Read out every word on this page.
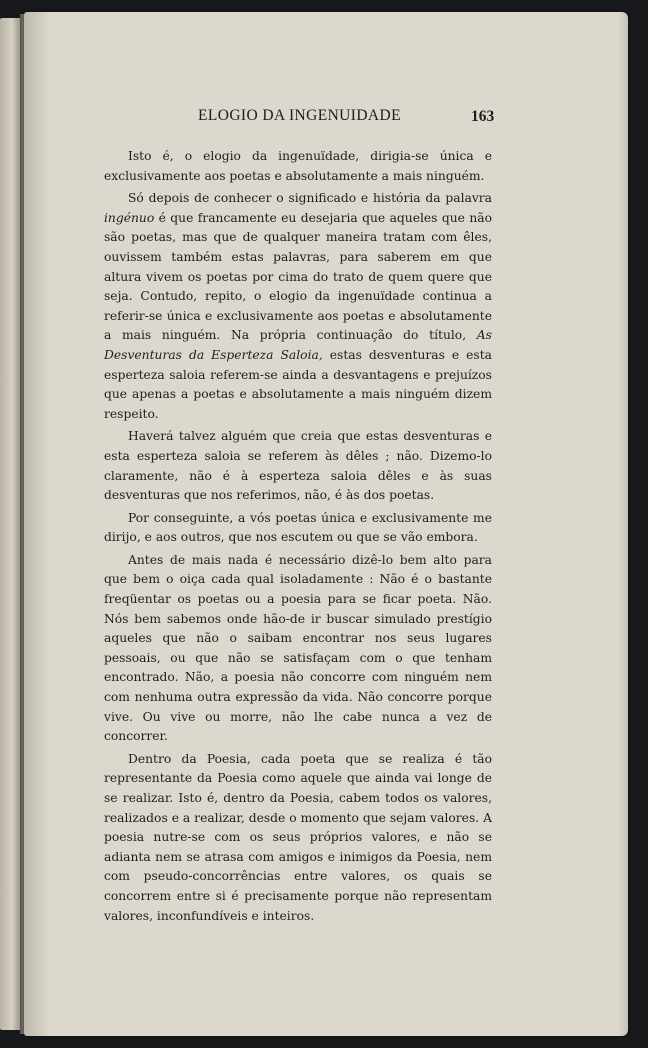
ELOGIO DA INGENUIDADE	163

Isto é, o elogio da ingenuïdade, dirigia-se única e exclusivamente aos poetas e absolutamente a mais ninguém.

Só depois de conhecer o significado e história da palavra ingénuo é que francamente eu desejaria que aqueles que não são poetas, mas que de qualquer maneira tratam com êles, ouvissem também estas palavras, para saberem em que altura vivem os poetas por cima do trato de quem quere que seja. Contudo, repito, o elogio da ingenuïdade continua a referir-se única e exclusivamente aos poetas e absolutamente a mais ninguém. Na própria continuação do título, As Desventuras da Esperteza Saloia, estas desventuras e esta esperteza saloia referem-se ainda a desvantagens e prejuízos que apenas a poetas e absolutamente a mais ninguém dizem respeito.

Haverá talvez alguém que creia que estas desventuras e esta esperteza saloia se referem às dêles ; não. Dizemo-lo claramente, não é à esperteza saloia dêles e às suas desventuras que nos referimos, não, é às dos poetas.

Por conseguinte, a vós poetas única e exclusivamente me dirijo, e aos outros, que nos escutem ou que se vão embora.

Antes de mais nada é necessário dizê-lo bem alto para que bem o oiça cada qual isoladamente : Não é o bastante freqüentar os poetas ou a poesia para se ficar poeta. Não. Nós bem sabemos onde hão-de ir buscar simulado prestígio aqueles que não o saibam encontrar nos seus lugares pessoais, ou que não se satisfaçam com o que tenham encontrado. Não, a poesia não concorre com ninguém nem com nenhuma outra expressão da vida. Não concorre porque vive. Ou vive ou morre, não lhe cabe nunca a vez de concorrer.

Dentro da Poesia, cada poeta que se realiza é tão representante da Poesia como aquele que ainda vai longe de se realizar. Isto é, dentro da Poesia, cabem todos os valores, realizados e a realizar, desde o momento que sejam valores. A poesia nutre-se com os seus próprios valores, e não se adianta nem se atrasa com amigos e inimigos da Poesia, nem com pseudo-concorrências entre valores, os quais se concorrem entre si é precisamente porque não representam valores, inconfundíveis e inteiros.
